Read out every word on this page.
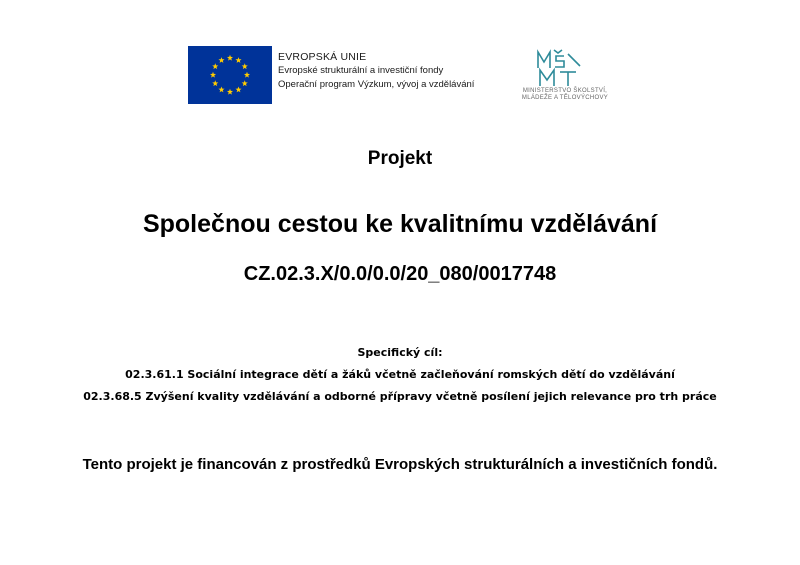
EVROPSKÁ UNIE
Evropské strukturální a investiční fondy
Operační program Výzkum, vývoj a vzdělávání
MINISTERSTVO ŠKOLSTVÍ,
MLÁDEŽE A TĚLOVÝCHOVY
Projekt
Společnou cestou ke kvalitnímu vzdělávání
CZ.02.3.X/0.0/0.0/20_080/0017748
Specifický cíl:
02.3.61.1 Sociální integrace dětí a žáků včetně začleňování romských dětí do vzdělávání
02.3.68.5 Zvýšení kvality vzdělávání a odborné přípravy včetně posílení jejich relevance pro trh práce
Tento projekt je financován z prostředků Evropských strukturálních a investičních fondů.
